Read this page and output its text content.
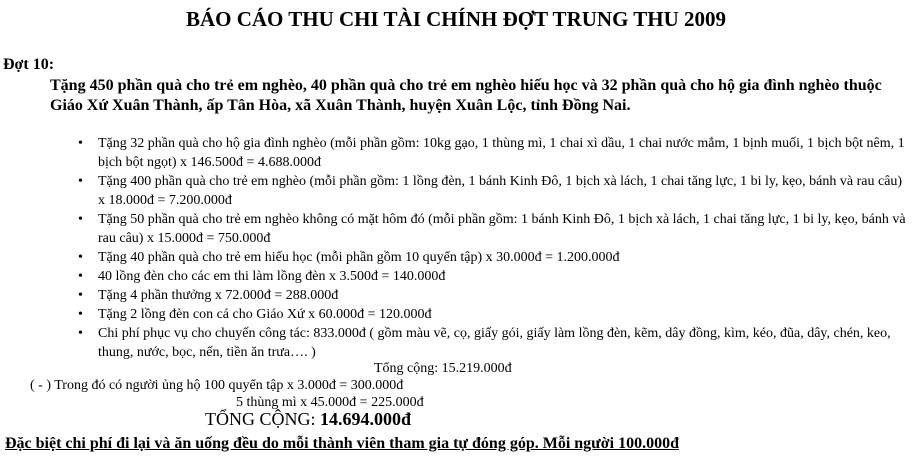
BÁO CÁO THU CHI TÀI CHÍNH ĐỢT TRUNG THU 2009
Đợt 10:
Tặng 450 phần quà cho trẻ em nghèo, 40 phần quà cho trẻ em nghèo hiếu học và 32 phần quà cho hộ gia đình nghèo thuộc Giáo Xứ Xuân Thành, ấp Tân Hòa, xã Xuân Thành, huyện Xuân Lộc, tỉnh Đồng Nai.
• Tặng 32 phần quà cho hộ gia đình nghèo (mỗi phần gồm: 10kg gạo, 1 thùng mì, 1 chai xì dầu, 1 chai nước mắm, 1 bịnh muối, 1 bịch bột nêm, 1 bịch bột ngọt) x 146.500đ = 4.688.000đ
• Tặng 400 phần quà cho trẻ em nghèo (mỗi phần gồm: 1 lồng đèn, 1 bánh Kinh Đô, 1 bịch xà lách, 1 chai tăng lực, 1 bi ly, kẹo, bánh và rau câu) x 18.000đ = 7.200.000đ
• Tặng 50 phần quà cho trẻ em nghèo không có mặt hôm đó (mỗi phần gồm: 1 bánh Kinh Đô, 1 bịch xà lách, 1 chai tăng lực, 1 bi ly, kẹo, bánh và rau câu) x 15.000đ = 750.000đ
• Tặng 40 phần quà cho trẻ em hiếu học (mỗi phần gồm 10 quyển tập) x 30.000đ = 1.200.000đ
• 40 lồng đèn cho các em thi làm lồng đèn x 3.500đ = 140.000đ
• Tặng 4 phần thưởng x 72.000đ = 288.000đ
• Tặng 2 lồng đèn con cá cho Giáo Xứ x 60.000đ = 120.000đ
• Chi phí phục vụ cho chuyến công tác: 833.000đ ( gồm màu vẽ, cọ, giấy gói, giấy làm lồng đèn, kẽm, dây đồng, kìm, kéo, đũa, dây, chén, keo, thung, nước, bọc, nến, tiền ăn trưa…. )
Tổng cộng: 15.219.000đ
( - ) Trong đó có người ủng hộ 100 quyển tập x 3.000đ = 300.000đ
5 thùng mì x 45.000đ = 225.000đ
TỔNG CỘNG: 14.694.000đ
Đặc biệt chi phí đi lại và ăn uống đều do mỗi thành viên tham gia tự đóng góp. Mỗi người 100.000đ
